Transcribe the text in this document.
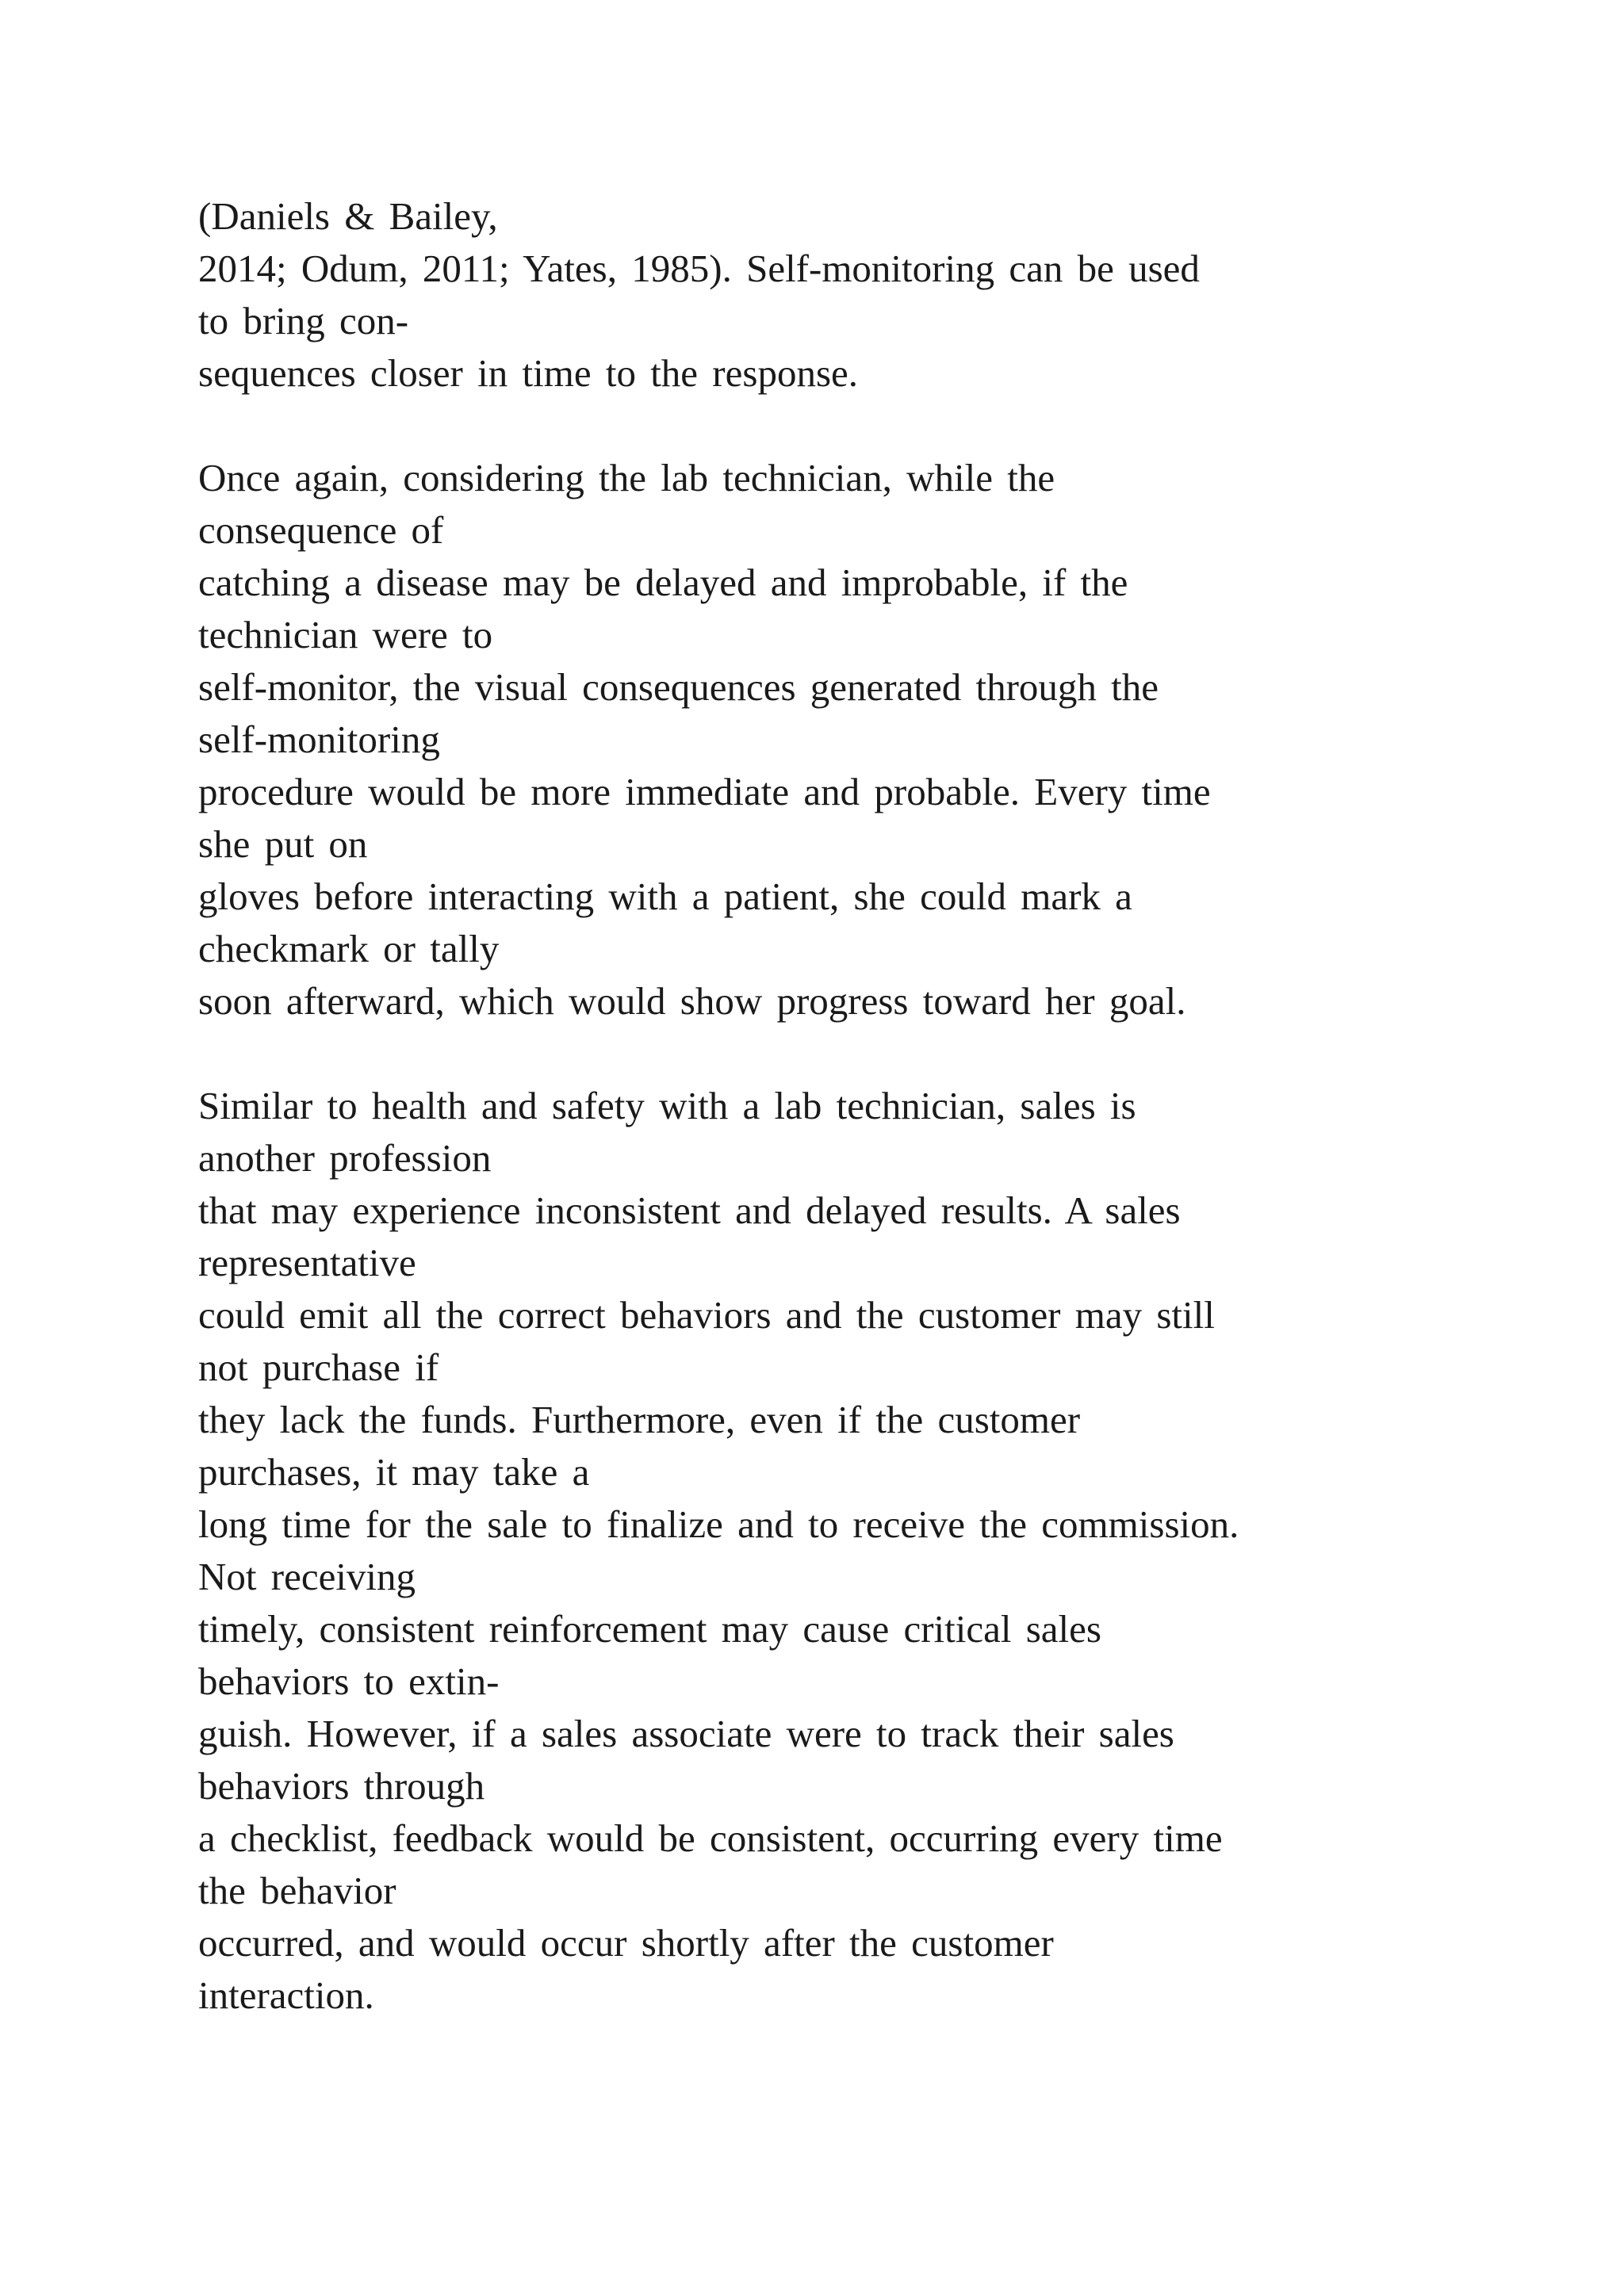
(Daniels & Bailey,
2014; Odum, 2011; Yates, 1985). Self-monitoring can be used
to bring con-
sequences closer in time to the response.
Once again, considering the lab technician, while the
consequence of
catching a disease may be delayed and improbable, if the
technician were to
self-monitor, the visual consequences generated through the
self-monitoring
procedure would be more immediate and probable. Every time
she put on
gloves before interacting with a patient, she could mark a
checkmark or tally
soon afterward, which would show progress toward her goal.
Similar to health and safety with a lab technician, sales is
another profession
that may experience inconsistent and delayed results. A sales
representative
could emit all the correct behaviors and the customer may still
not purchase if
they lack the funds. Furthermore, even if the customer
purchases, it may take a
long time for the sale to finalize and to receive the commission.
Not receiving
timely, consistent reinforcement may cause critical sales
behaviors to extin-
guish. However, if a sales associate were to track their sales
behaviors through
a checklist, feedback would be consistent, occurring every time
the behavior
occurred, and would occur shortly after the customer
interaction.
